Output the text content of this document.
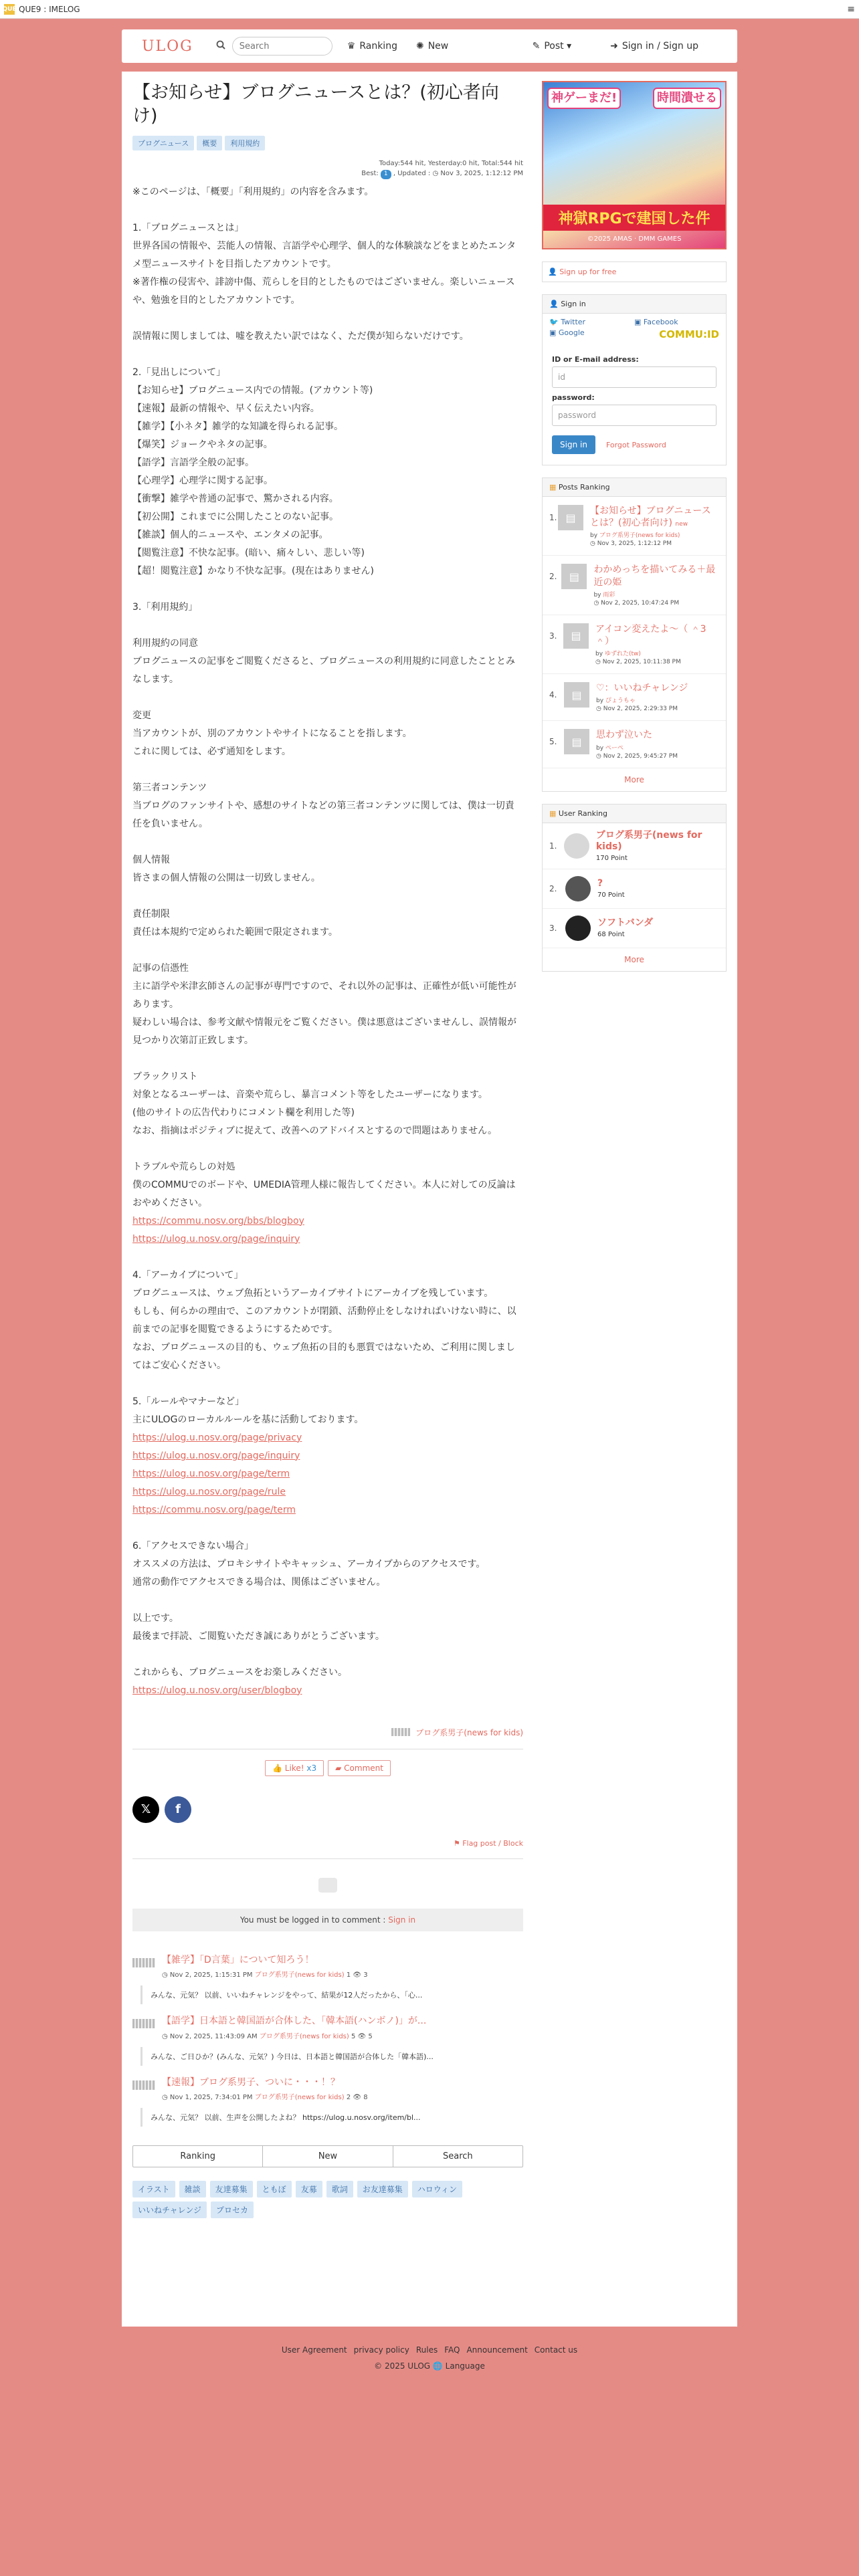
QUE QUE9 : IMELOG	≡
ULOG
Search	♛ Ranking ✺ New	✎ Post ▾	➜ Sign in / Sign up
【お知らせ】ブログニュースとは？(初心者向け)
ブログニュース	概要	利用規約
Today:544 hit, Yesterday:0 hit, Total:544 hit
Best: 1 , Updated : ◷ Nov 3, 2025, 1:12:12 PM
※このページは、「概要」「利用規約」の内容を含みます。
1.「ブログニュースとは」
世界各国の情報や、芸能人の情報、言語学や心理学、個人的な体験談などをまとめたエンタメ型ニュースサイトを目指したアカウントです。
※著作権の侵害や、誹謗中傷、荒らしを目的としたものではございません。楽しいニュースや、勉強を目的としたアカウントです。
誤情報に関しましては、嘘を教えたい訳ではなく、ただ僕が知らないだけです。
2.「見出しについて」
【お知らせ】ブログニュース内での情報。(アカウント等)
【速報】最新の情報や、早く伝えたい内容。
【雑学】【小ネタ】雑学的な知識を得られる記事。
【爆笑】ジョークやネタの記事。
【語学】言語学全般の記事。
【心理学】心理学に関する記事。
【衝撃】雑学や普通の記事で、驚かされる内容。
【初公開】これまでに公開したことのない記事。
【雑談】個人的ニュースや、エンタメの記事。
【閲覧注意】不快な記事。(暗い、痛々しい、悲しい等)
【超！閲覧注意】かなり不快な記事。(現在はありません)
3.「利用規約」
利用規約の同意
ブログニュースの記事をご閲覧くださると、ブログニュースの利用規約に同意したこととみなします。
変更
当アカウントが、別のアカウントやサイトになることを指します。
これに関しては、必ず通知をします。
第三者コンテンツ
当ブログのファンサイトや、感想のサイトなどの第三者コンテンツに関しては、僕は一切責任を負いません。
個人情報
皆さまの個人情報の公開は一切致しません。
責任制限
責任は本規約で定められた範囲で限定されます。
記事の信憑性
主に語学や米津玄師さんの記事が専門ですので、それ以外の記事は、正確性が低い可能性があります。
疑わしい場合は、参考文献や情報元をご覧ください。僕は悪意はございませんし、誤情報が見つかり次第訂正致します。
ブラックリスト
対象となるユーザーは、音楽や荒らし、暴言コメント等をしたユーザーになります。
(他のサイトの広告代わりにコメント欄を利用した等)
なお、指摘はポジティブに捉えて、改善へのアドバイスとするので問題はありません。
トラブルや荒らしの対処
僕のCOMMUでのボードや、UMEDIA管理人様に報告してください。本人に対しての反論はおやめください。
https://commu.nosv.org/bbs/blogboy
https://ulog.u.nosv.org/page/inquiry
4.「アーカイブについて」
ブログニュースは、ウェブ魚拓というアーカイブサイトにアーカイブを残しています。
もしも、何らかの理由で、このアカウントが閉鎖、活動停止をしなければいけない時に、以前までの記事を閲覧できるようにするためです。
なお、ブログニュースの目的も、ウェブ魚拓の目的も悪質ではないため、ご利用に関しましてはご安心ください。
5.「ルールやマナーなど」
主にULOGのローカルルールを基に活動しております。
https://ulog.u.nosv.org/page/privacy
https://ulog.u.nosv.org/page/inquiry
https://ulog.u.nosv.org/page/term
https://ulog.u.nosv.org/page/rule
https://commu.nosv.org/page/term
6.「アクセスできない場合」
オススメの方法は、プロキシサイトやキャッシュ、アーカイブからのアクセスです。
通常の動作でアクセスできる場合は、関係はございません。
以上です。
最後まで拝読、ご閲覧いただき誠にありがとうございます。
これからも、ブログニュースをお楽しみください。
https://ulog.u.nosv.org/user/blogboy
ブログ系男子(news for kids)
👍 Like! x3	▰ Comment
𝕏	f
⚑ Flag post / Block
You must be logged in to comment : Sign in
【雑学】「D言葉」について知ろう！
◷ Nov 2, 2025, 1:15:31 PM ブログ系男子(news for kids) 1 👁 3
みんな、元気？ 以前、いいねチャレンジをやって、結果が12人だったから、「心...
【語学】日本語と韓国語が合体した、「韓本語(ハンボノ)」が...
◷ Nov 2, 2025, 11:43:09 AM ブログ系男子(news for kids) 5 👁 5
みんな、ご日ひか？(みんな、元気？) 今日は、日本語と韓国語が合体した「韓本語)...
【速報】ブログ系男子、ついに・・・！？
◷ Nov 1, 2025, 7:34:01 PM ブログ系男子(news for kids) 2 👁 8
みんな、元気？ 以前、生声を公開したよね？ https://ulog.u.nosv.org/item/bl...
Ranking	New	Search
イラスト	雑談	友達募集	ともぼ	友募	歌詞	お友達募集	ハロウィン
いいねチャレンジ	プロセカ
神ゲーまだ!	時間潰せる
神獄RPGで建国した件
©2025 AMAS · DMM GAMES
👤 Sign up for free
👤 Sign in
🐦 Twitter	▣ Facebook
▣ Google	COMMU:ID
ID or E-mail address:
id
password:
password
Sign in	Forgot Password
▦ Posts Ranking
1. ▤
【お知らせ】ブログニュースとは？(初心者向け) new
by ブログ系男子(news for kids)
◷ Nov 3, 2025, 1:12:12 PM
2.	▤
わかめっちを描いてみる＋最近の姫
by 雨彩
◷ Nov 2, 2025, 10:47:24 PM
3.	▤
アイコン変えたよ～（ ＾3＾）
by ゆずれた(tw)
◷ Nov 2, 2025, 10:11:38 PM
4.	▤
♡：いいねチャレンジ
by ぴょうもゃ
◷ Nov 2, 2025, 2:29:33 PM
5.	▤
思わず泣いた
by ぺーぺ
◷ Nov 2, 2025, 9:45:27 PM
More
▦ User Ranking
1.
ブログ系男子(news for kids)
170 Point
2.	?
70 Point
3.	ソフトバンダ
68 Point
More
User Agreement privacy policy Rules FAQ Announcement Contact us
© 2025 ULOG 🌐 Language
